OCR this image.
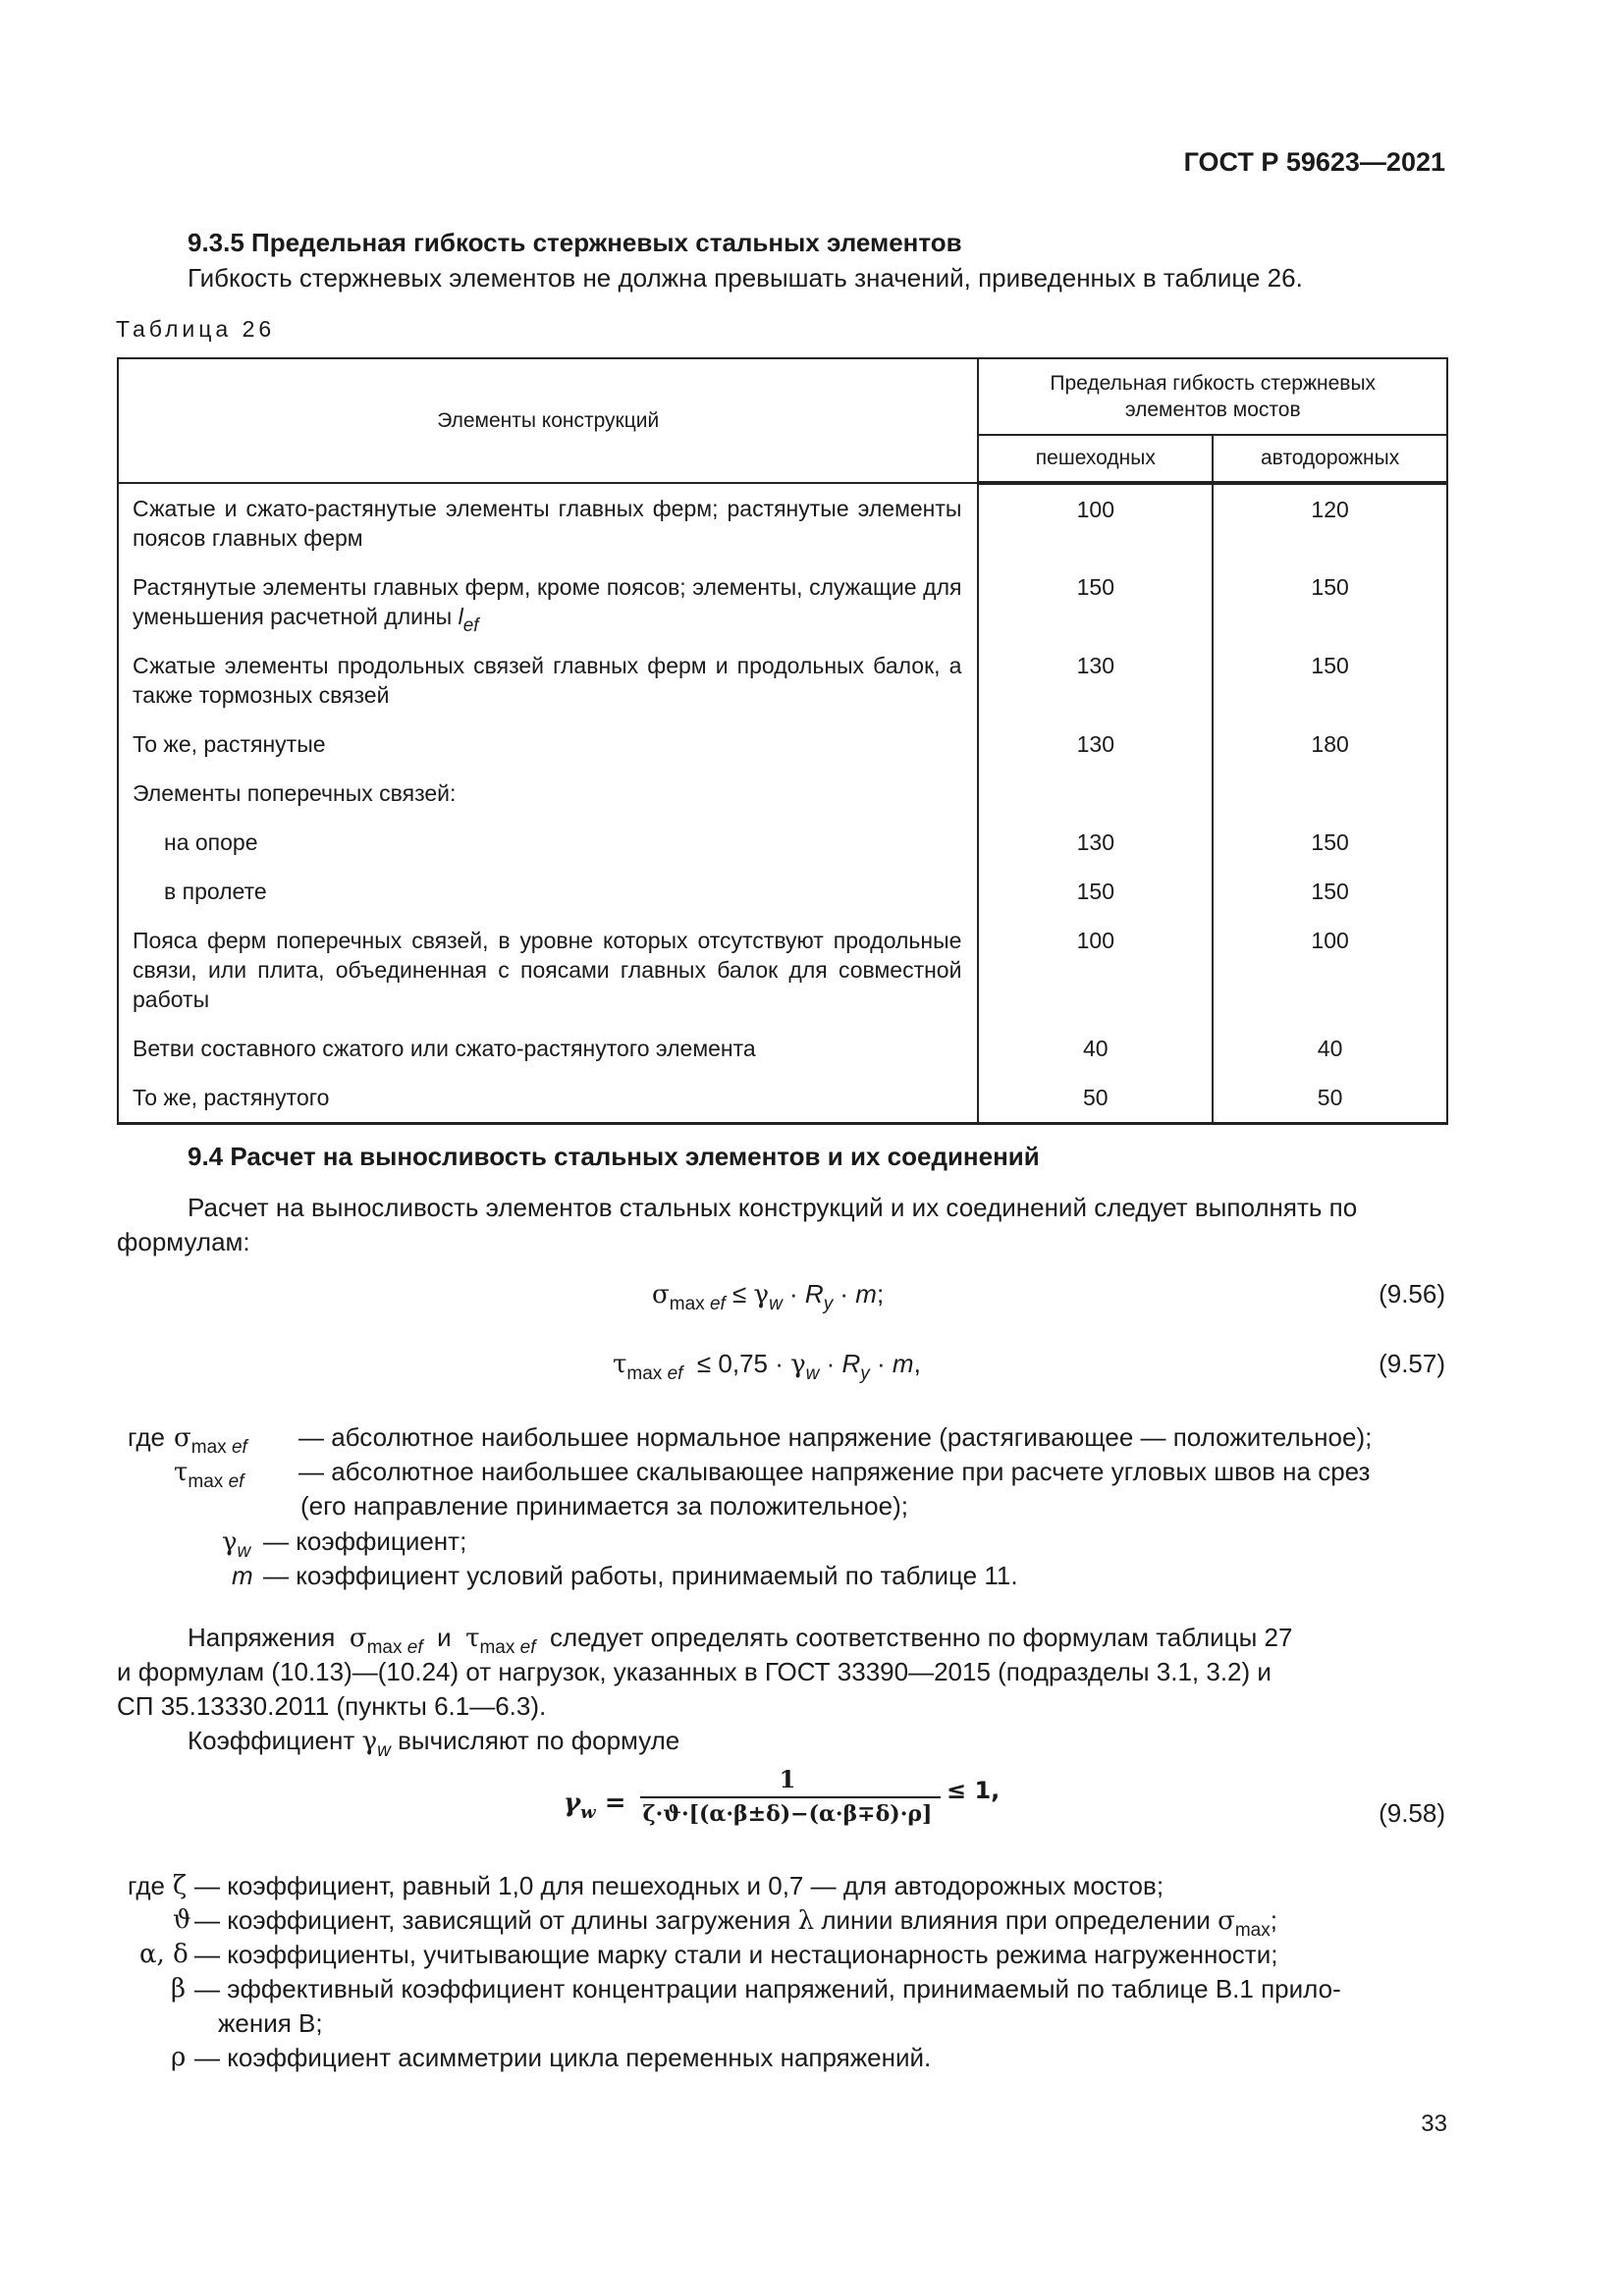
ГОСТ Р 59623—2021
9.3.5 Предельная гибкость стержневых стальных элементов
Гибкость стержневых элементов не должна превышать значений, приведенных в таблице 26.
Таблица 26
Элементы конструкций	Предельная гибкость стержневых
элементов мостов	
	пешеходных	автодорожных
Сжатые и сжато-растянутые элементы главных ферм; растянутые элементы поясов главных ферм	100	120
Растянутые элементы главных ферм, кроме поясов; элементы, служащие для уменьшения расчетной длины $l_{ef}$	150	150
Сжатые элементы продольных связей главных ферм и продольных балок, а также тормозных связей	130	150
То же, растянутые	130	180
Элементы поперечных связей:		
на опоре	130	150
в пролете	150	150
Пояса ферм поперечных связей, в уровне которых отсутствуют продольные связи, или плита, объединенная с поясами главных балок для совместной работы	100	100
Ветви составного сжатого или сжато-растянутого элемента	40	40
То же, растянутого	50	50
9.4 Расчет на выносливость стальных элементов и их соединений
Расчет на выносливость элементов стальных конструкций и их соединений следует выполнять по
формулам:
$\sigma_{max ef} \le \gamma_w \cdot R_y \cdot m$;	(9.56)
$\tau_{max ef} \le 0,75 \cdot \gamma_w \cdot R_y \cdot m$,	(9.57)
где $\sigma_{max ef}$ — абсолютное наибольшее нормальное напряжение (растягивающее — положительное);
$\tau_{max ef}$ — абсолютное наибольшее скалывающее напряжение при расчете угловых швов на срез
(его направление принимается за положительное);
$\gamma_w$ — коэффициент;
m — коэффициент условий работы, принимаемый по таблице 11.
Напряжения $\sigma_{max ef}$ и $\tau_{max ef}$ следует определять соответственно по формулам таблицы 27
и формулам (10.13)—(10.24) от нагрузок, указанных в ГОСТ 33390—2015 (подразделы 3.1, 3.2) и
СП 35.13330.2011 (пункты 6.1—6.3).
Коэффициент $\gamma_w$ вычисляют по формуле
$\gamma_w$ =
1
ζ·ϑ·[(α·β±δ)−(α·β∓δ)·ρ]
≤ 1,
(9.58)
где ζ — коэффициент, равный 1,0 для пешеходных и 0,7 — для автодорожных мостов;
ϑ — коэффициент, зависящий от длины загружения λ линии влияния при определении $\sigma_{max}$;
α, δ — коэффициенты, учитывающие марку стали и нестационарность режима нагруженности;
β — эффективный коэффициент концентрации напряжений, принимаемый по таблице В.1 прило-
жения В;
ρ — коэффициент асимметрии цикла переменных напряжений.
33
